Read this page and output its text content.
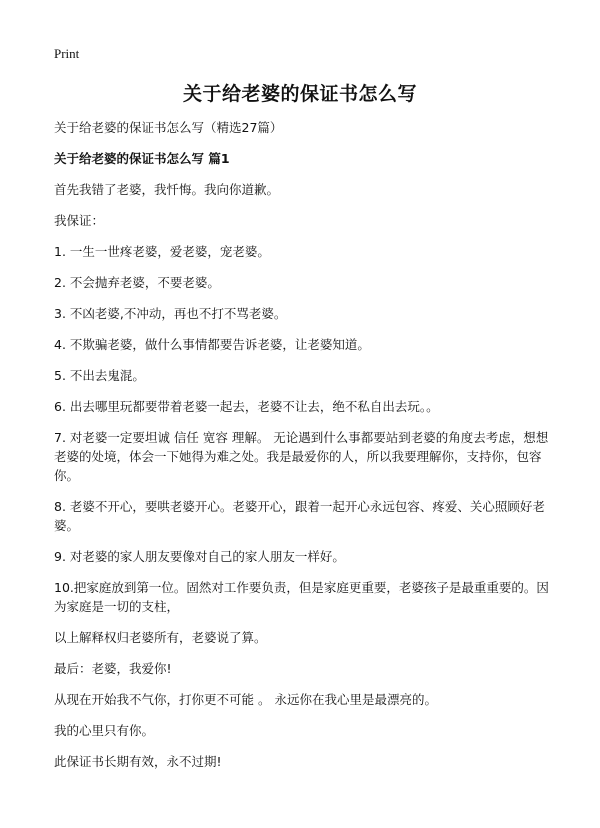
Print
关于给老婆的保证书怎么写

关于给老婆的保证书怎么写（精选27篇）

关于给老婆的保证书怎么写 篇1

首先我错了老婆，我忏悔。我向你道歉。

我保证：

1. 一生一世疼老婆，爱老婆，宠老婆。

2. 不会抛弃老婆，不要老婆。

3. 不凶老婆,不冲动，再也不打不骂老婆。

4. 不欺骗老婆，做什么事情都要告诉老婆，让老婆知道。

5. 不出去鬼混。

6. 出去哪里玩都要带着老婆一起去，老婆不让去，绝不私自出去玩。。

7. 对老婆一定要坦诚 信任 宽容 理解。 无论遇到什么事都要站到老婆的角度去考虑，想想老婆的处境，体会一下她得为难之处。我是最爱你的人，所以我要理解你，支持你，包容你。

8. 老婆不开心，要哄老婆开心。老婆开心，跟着一起开心永远包容、疼爱、关心照顾好老婆。

9. 对老婆的家人朋友要像对自己的家人朋友一样好。

10.把家庭放到第一位。固然对工作要负责，但是家庭更重要，老婆孩子是最重重要的。因为家庭是一切的支柱，

以上解释权归老婆所有，老婆说了算。

最后：老婆，我爱你!

从现在开始我不气你，打你更不可能 。 永远你在我心里是最漂亮的。

我的心里只有你。

此保证书长期有效，永不过期!
